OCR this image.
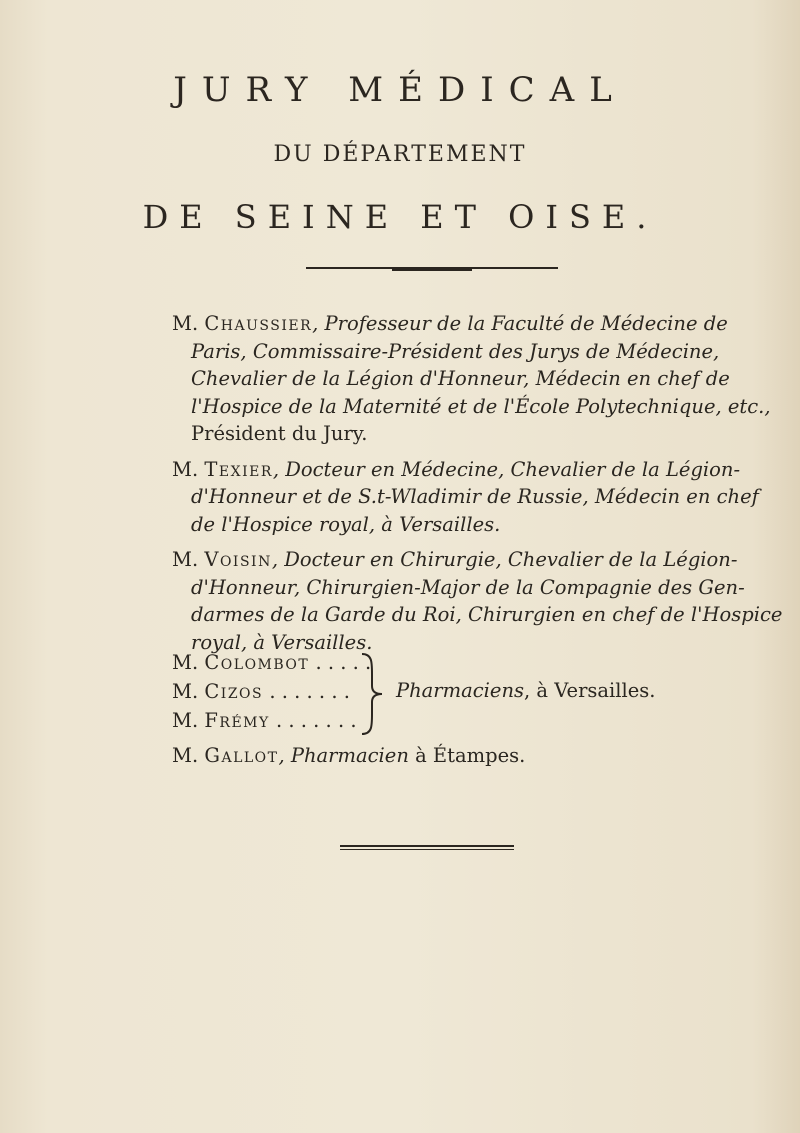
JURY MÉDICAL
DU DÉPARTEMENT
DE SEINE ET OISE.
M. Chaussier, Professeur de la Faculté de Médecine de
Paris, Commissaire-Président des Jurys de Médecine,
Chevalier de la Légion d'Honneur, Médecin en chef de
l'Hospice de la Maternité et de l'École Polytechnique, etc.,
Président du Jury.
M. Texier, Docteur en Médecine, Chevalier de la Légion-
d'Honneur et de S.t-Wladimir de Russie, Médecin en chef
de l'Hospice royal, à Versailles.
M. Voisin, Docteur en Chirurgie, Chevalier de la Légion-
d'Honneur, Chirurgien-Major de la Compagnie des Gen-
darmes de la Garde du Roi, Chirurgien en chef de l'Hospice
royal, à Versailles.
M. Colombot . . . . .
M. Cizos . . . . . . .
M. Frémy . . . . . . .
Pharmaciens, à Versailles.
M. Gallot, Pharmacien à Étampes.
